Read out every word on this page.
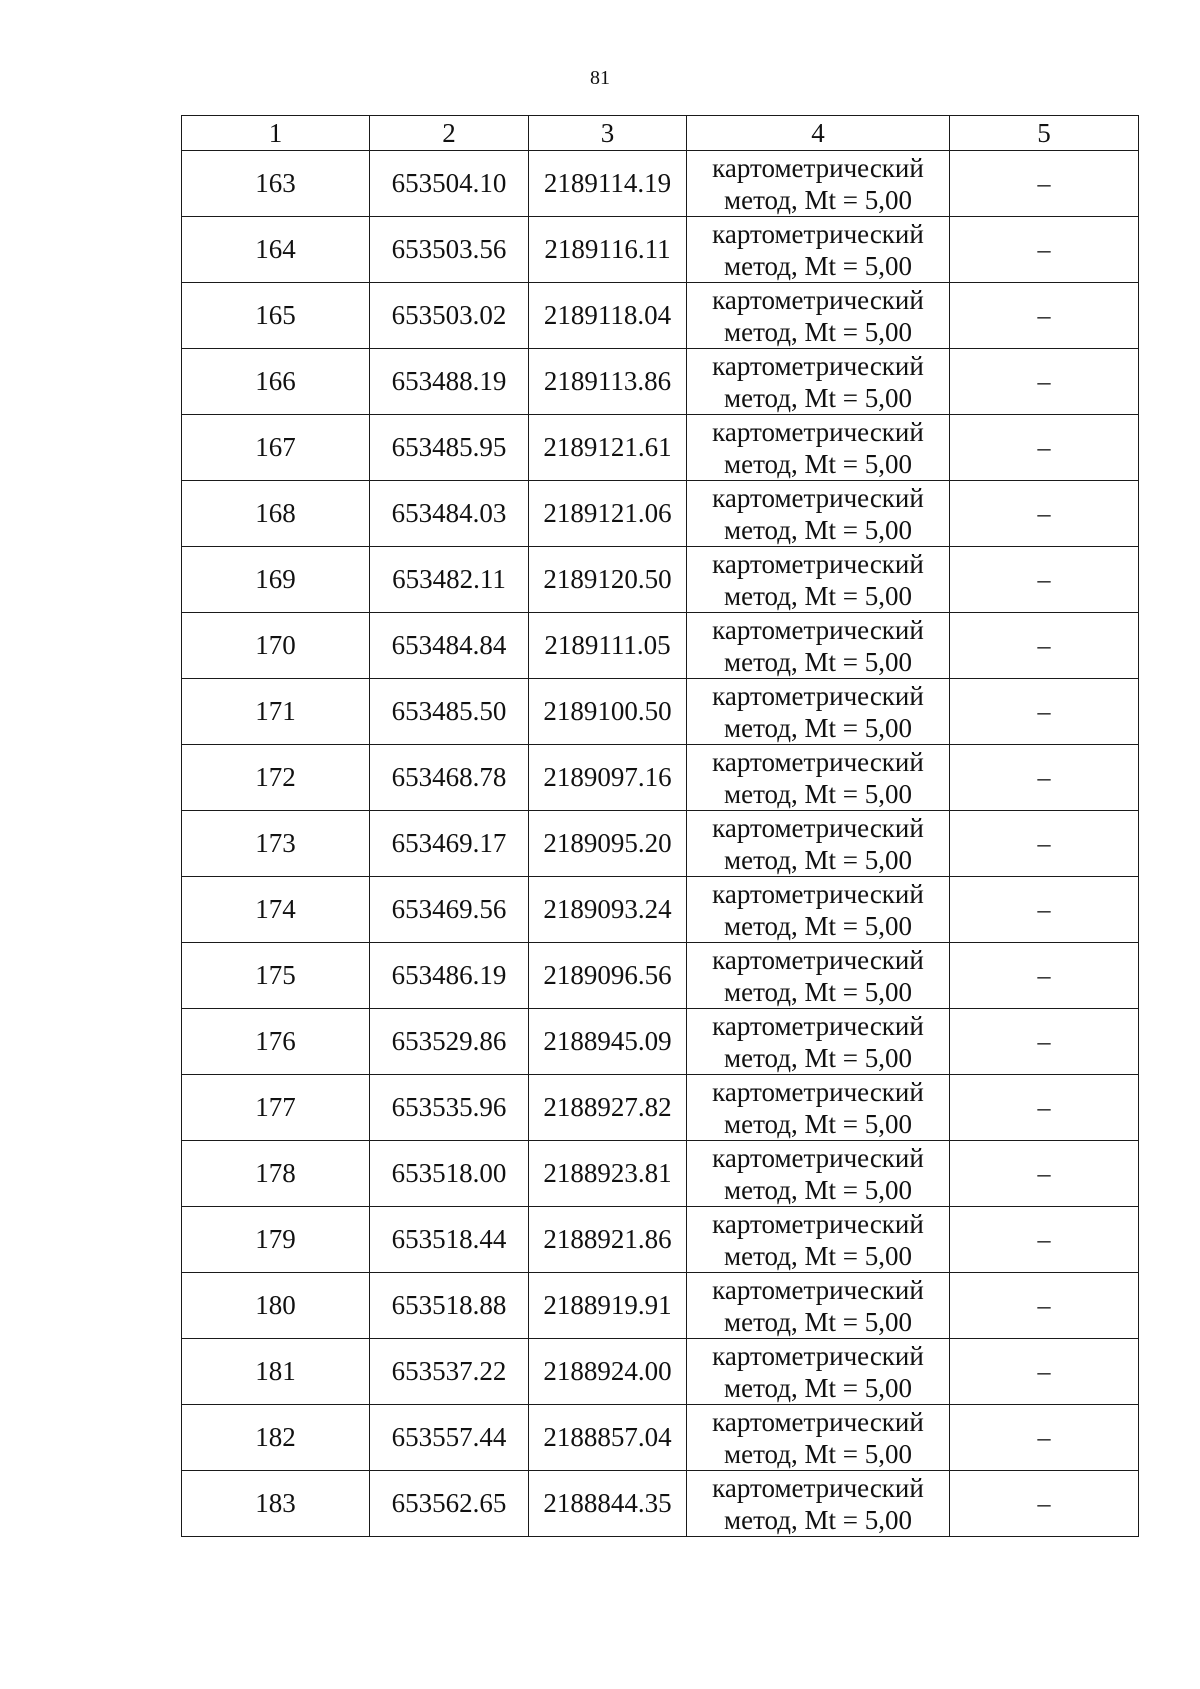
81
1	2	3	4	5
163	653504.10	2189114.19	картометрический
метод, Mt = 5,00	–
164	653503.56	2189116.11	картометрический
метод, Mt = 5,00	–
165	653503.02	2189118.04	картометрический
метод, Mt = 5,00	–
166	653488.19	2189113.86	картометрический
метод, Mt = 5,00	–
167	653485.95	2189121.61	картометрический
метод, Mt = 5,00	–
168	653484.03	2189121.06	картометрический
метод, Mt = 5,00	–
169	653482.11	2189120.50	картометрический
метод, Mt = 5,00	–
170	653484.84	2189111.05	картометрический
метод, Mt = 5,00	–
171	653485.50	2189100.50	картометрический
метод, Mt = 5,00	–
172	653468.78	2189097.16	картометрический
метод, Mt = 5,00	–
173	653469.17	2189095.20	картометрический
метод, Mt = 5,00	–
174	653469.56	2189093.24	картометрический
метод, Mt = 5,00	–
175	653486.19	2189096.56	картометрический
метод, Mt = 5,00	–
176	653529.86	2188945.09	картометрический
метод, Mt = 5,00	–
177	653535.96	2188927.82	картометрический
метод, Mt = 5,00	–
178	653518.00	2188923.81	картометрический
метод, Mt = 5,00	–
179	653518.44	2188921.86	картометрический
метод, Mt = 5,00	–
180	653518.88	2188919.91	картометрический
метод, Mt = 5,00	–
181	653537.22	2188924.00	картометрический
метод, Mt = 5,00	–
182	653557.44	2188857.04	картометрический
метод, Mt = 5,00	–
183	653562.65	2188844.35	картометрический
метод, Mt = 5,00	–
